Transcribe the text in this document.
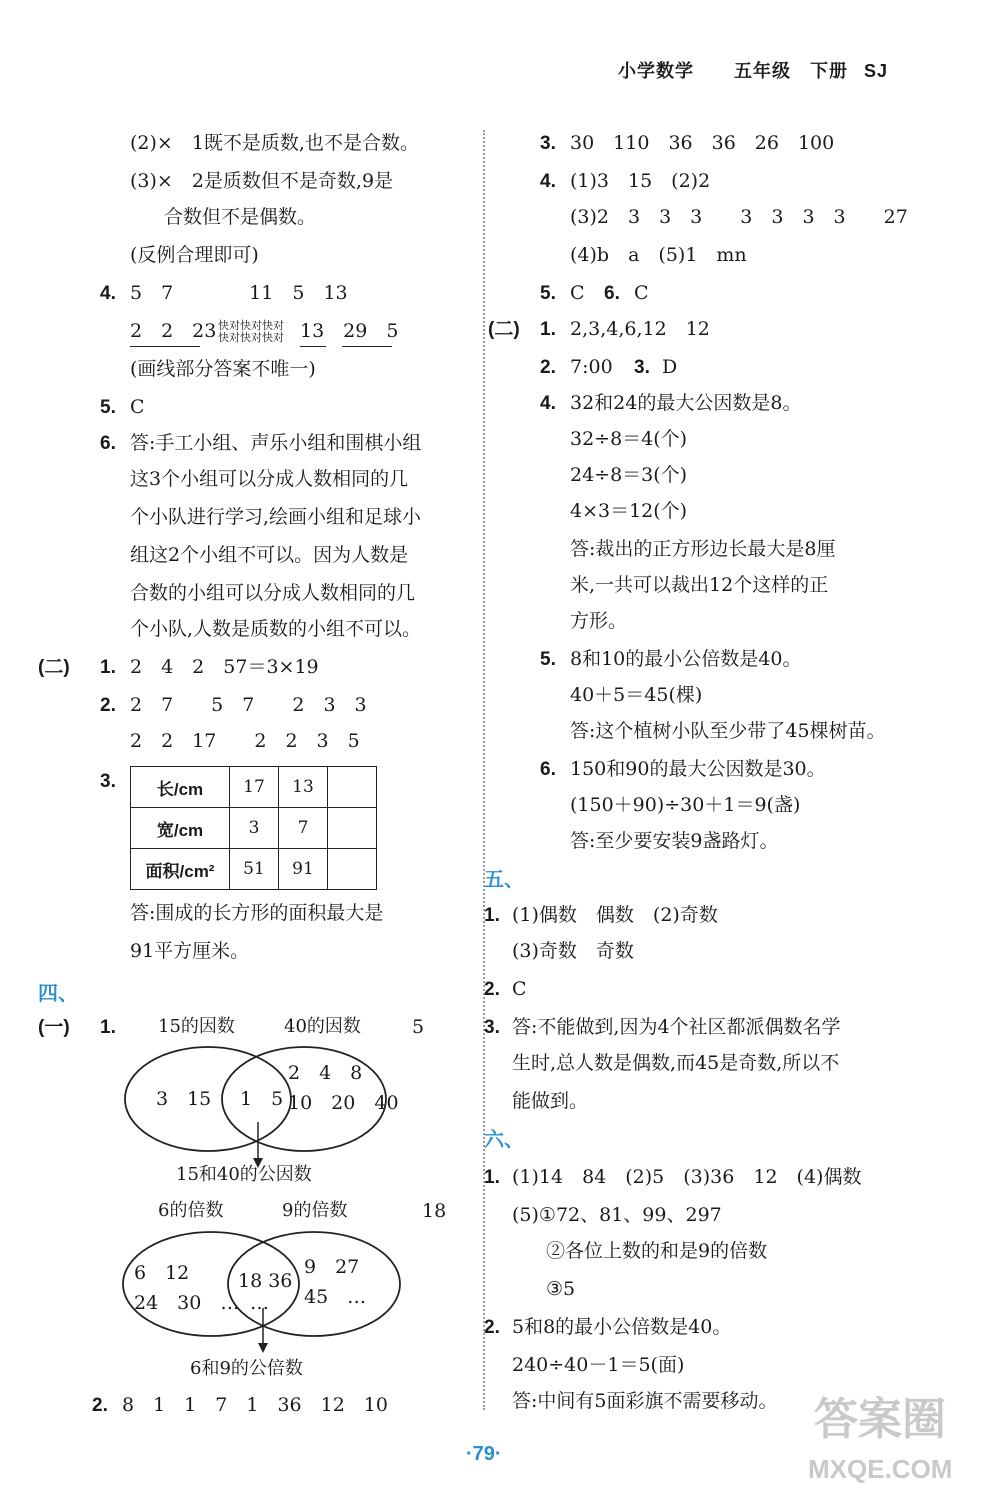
小学数学 五年级 下册 SJ
(2)×　1既不是质数,也不是合数。
(3)×　2是质数但不是奇数,9是
合数但不是偶数。
(反例合理即可)
4. 5　7　　　　11　5　13
2　2　23 快对快对快对
快对快对快对 13　29　5
(画线部分答案不唯一)
5. C
6. 答:手工小组、声乐小组和围棋小组
这3个小组可以分成人数相同的几
个小队进行学习,绘画小组和足球小
组这2个小组不可以。因为人数是
合数的小组可以分成人数相同的几
个小队,人数是质数的小组不可以。
(二) 1. 2　4　2　57＝3×19
2. 2　7　　5　7　　2　3　3
2　2　17　　2　2　3　5
3. 长/cm	17	13	
宽/cm	3	7	
面积/cm²	51	91	
答:围成的长方形的面积最大是
91平方厘米。
四、
(一) 1. 15的因数	40的因数	5
3　15 1　5
2　4　8
10　20　40
15和40的公因数
6的倍数	9的倍数	18
6　12
24　30　…
18 36
…
9　27
45　…
6和9的公倍数
2. 8　1　1　7　1　36　12　10
3. 30　110　36　36　26　100
4. (1)3　15　(2)2
(3)2　3　3　3　　3　3　3　3　　27
(4)b　a　(5)1　mn
5. C　 6. C
(二) 1. 2,3,4,6,12　12
2. 7:00 3. D
4. 32和24的最大公因数是8。
32÷8＝4(个)
24÷8＝3(个)
4×3＝12(个)
答:裁出的正方形边长最大是8厘
米,一共可以裁出12个这样的正
方形。
5. 8和10的最小公倍数是40。
40＋5＝45(棵)
答:这个植树小队至少带了45棵树苗。
6. 150和90的最大公因数是30。
(150＋90)÷30＋1＝9(盏)
答:至少要安装9盏路灯。
五、
1. (1)偶数　偶数　(2)奇数
(3)奇数　奇数
2. C
3. 答:不能做到,因为4个社区都派偶数名学
生时,总人数是偶数,而45是奇数,所以不
能做到。
六、
1. (1)14　84　(2)5　(3)36　12　(4)偶数
(5)①72、81、99、297
②各位上数的和是9的倍数
③5
2. 5和8的最小公倍数是40。
240÷40－1＝5(面)
答:中间有5面彩旗不需要移动。
·79·
答案圈
MXQE.COM
